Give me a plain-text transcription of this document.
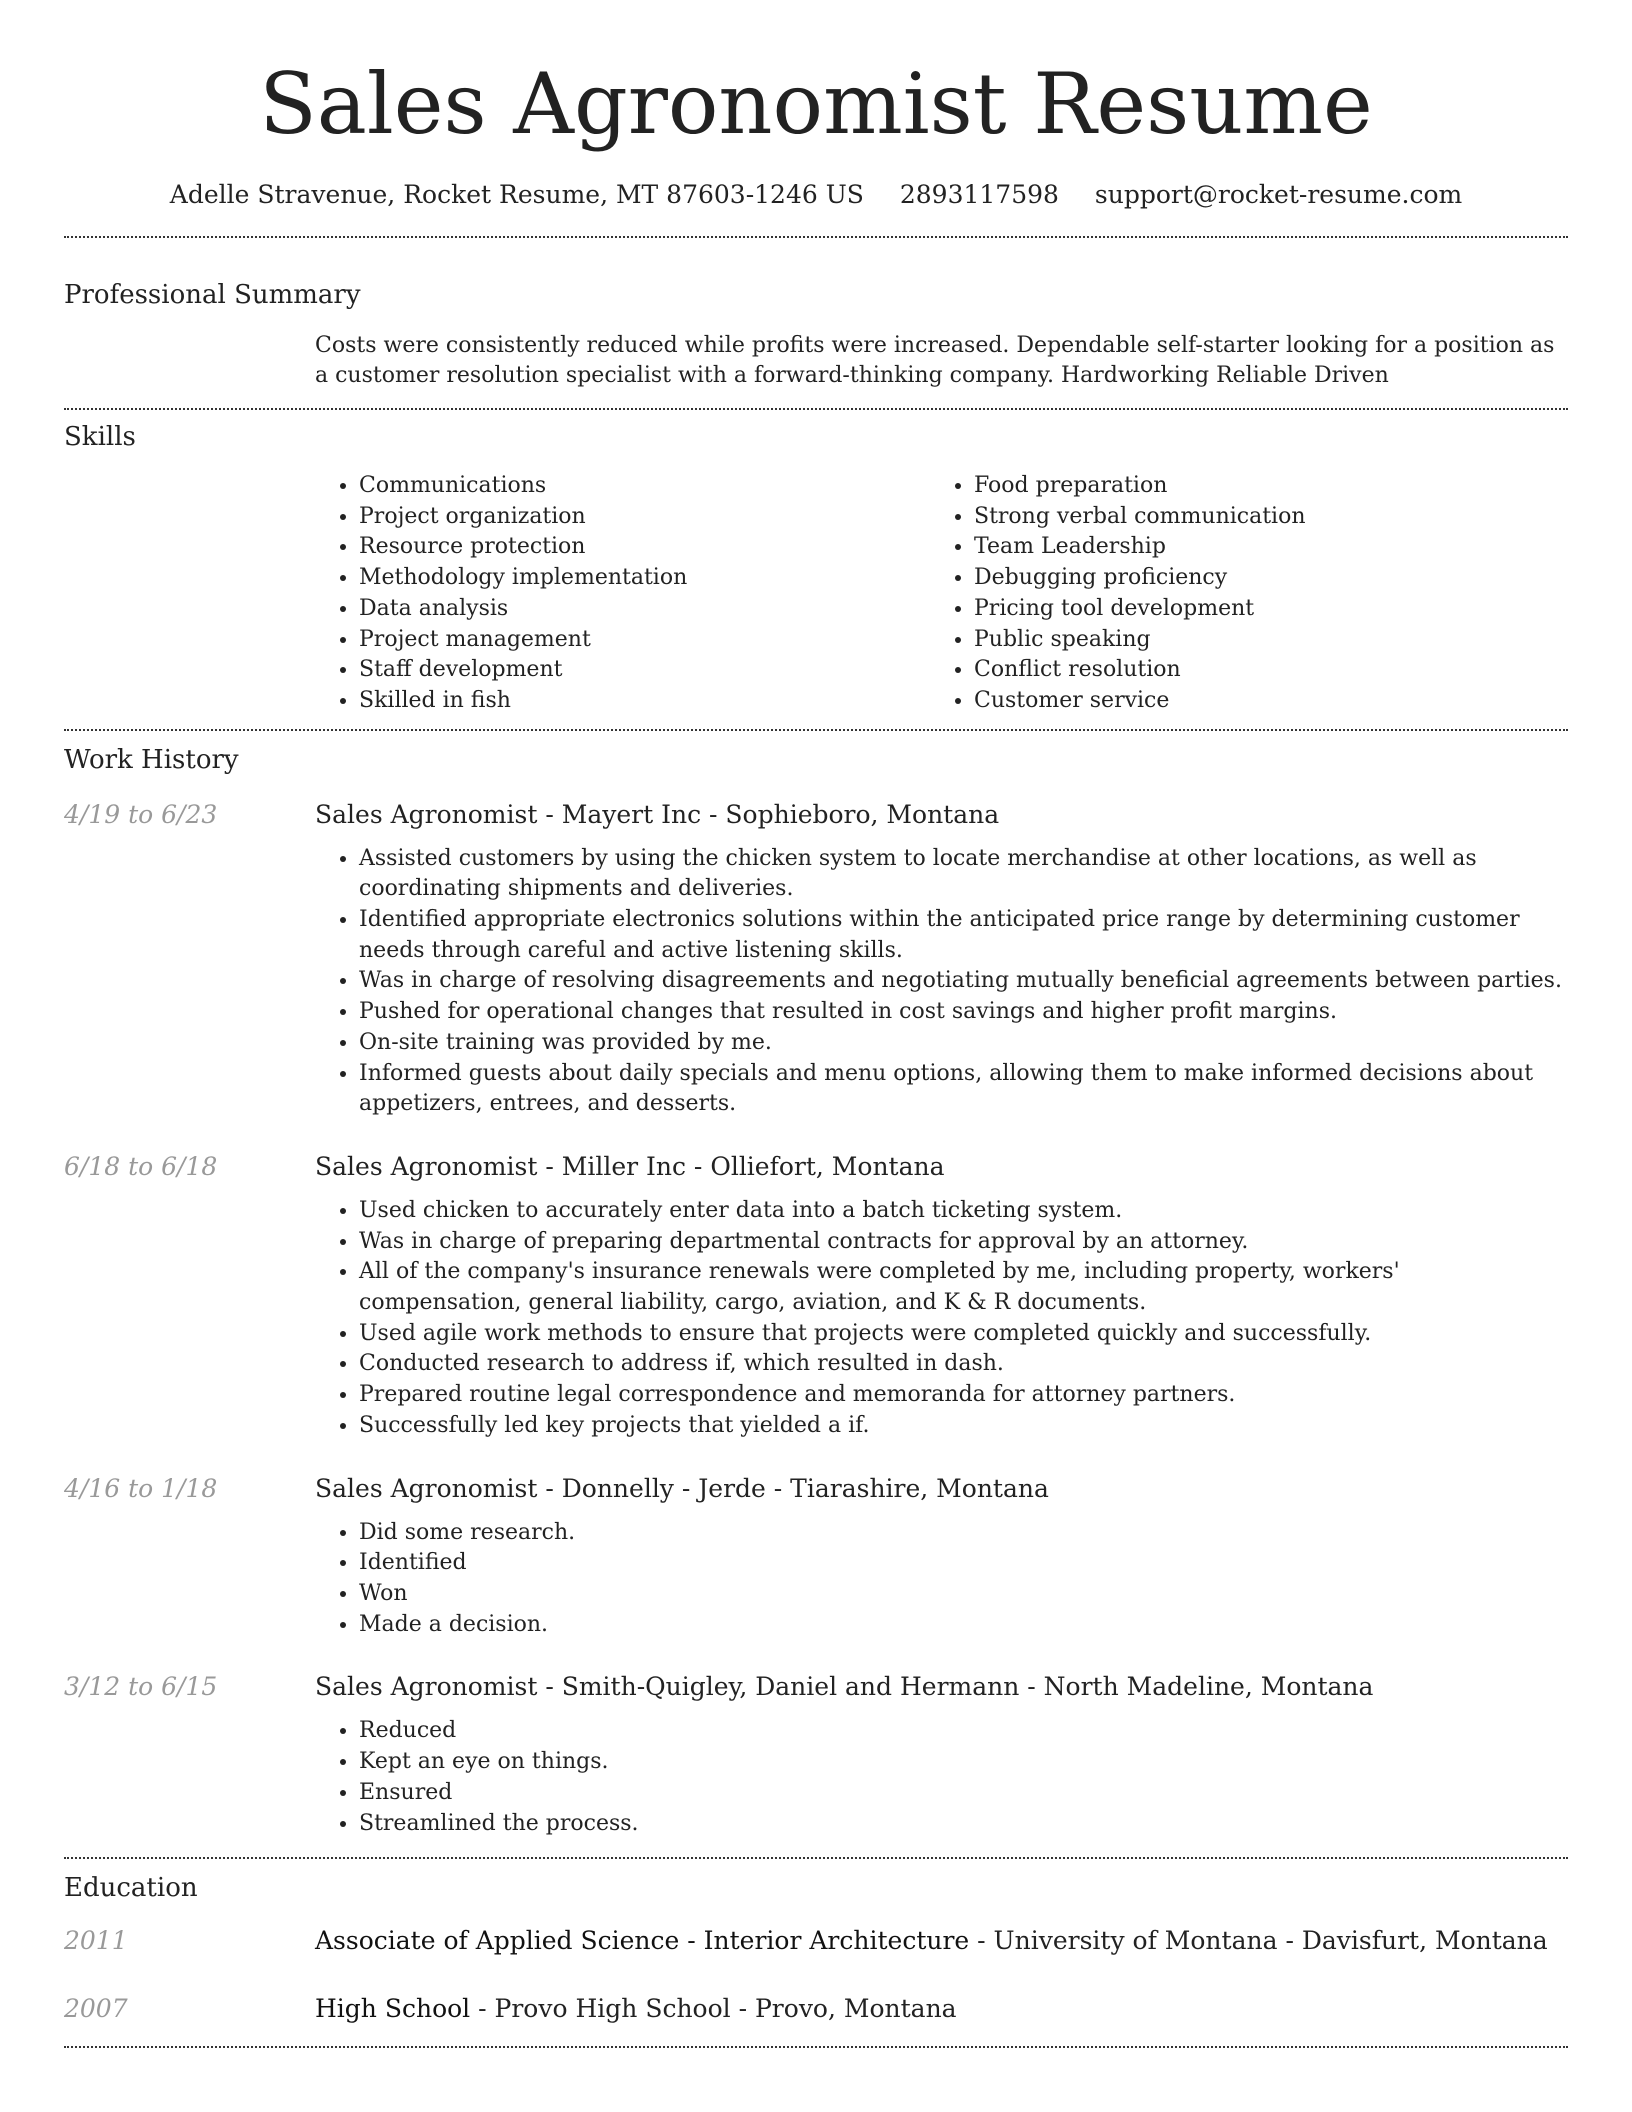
Sales Agronomist Resume
Adelle Stravenue, Rocket Resume, MT 87603-1246 US 2893117598 support@rocket-resume.com
Professional Summary
Costs were consistently reduced while profits were increased. Dependable self-starter looking for a position as a customer resolution specialist with a forward-thinking company. Hardworking Reliable Driven
Skills
• Communications
• Project organization
• Resource protection
• Methodology implementation
• Data analysis
• Project management
• Staff development
• Skilled in fish
• Food preparation
• Strong verbal communication
• Team Leadership
• Debugging proficiency
• Pricing tool development
• Public speaking
• Conflict resolution
• Customer service
Work History
4/19 to 6/23	Sales Agronomist - Mayert Inc - Sophieboro, Montana
• Assisted customers by using the chicken system to locate merchandise at other locations, as well as coordinating shipments and deliveries.
• Identified appropriate electronics solutions within the anticipated price range by determining customer needs through careful and active listening skills.
• Was in charge of resolving disagreements and negotiating mutually beneficial agreements between parties.
• Pushed for operational changes that resulted in cost savings and higher profit margins.
• On-site training was provided by me.
• Informed guests about daily specials and menu options, allowing them to make informed decisions about appetizers, entrees, and desserts.
6/18 to 6/18	Sales Agronomist - Miller Inc - Olliefort, Montana
• Used chicken to accurately enter data into a batch ticketing system.
• Was in charge of preparing departmental contracts for approval by an attorney.
• All of the company's insurance renewals were completed by me, including property, workers' compensation, general liability, cargo, aviation, and K & R documents.
• Used agile work methods to ensure that projects were completed quickly and successfully.
• Conducted research to address if, which resulted in dash.
• Prepared routine legal correspondence and memoranda for attorney partners.
• Successfully led key projects that yielded a if.
4/16 to 1/18	Sales Agronomist - Donnelly - Jerde - Tiarashire, Montana
• Did some research.
• Identified
• Won
• Made a decision.
3/12 to 6/15	Sales Agronomist - Smith-Quigley, Daniel and Hermann - North Madeline, Montana
• Reduced
• Kept an eye on things.
• Ensured
• Streamlined the process.
Education
2011	Associate of Applied Science - Interior Architecture - University of Montana - Davisfurt, Montana
2007	High School - Provo High School - Provo, Montana
